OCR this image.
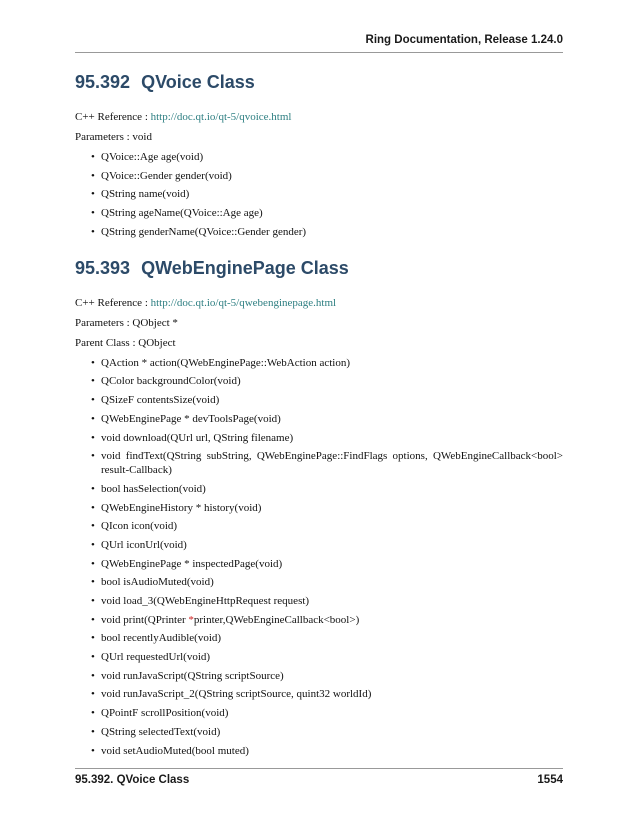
Ring Documentation, Release 1.24.0
95.392 QVoice Class

C++ Reference : http://doc.qt.io/qt-5/qvoice.html

Parameters : void

• QVoice::Age age(void)
• QVoice::Gender gender(void)
• QString name(void)
• QString ageName(QVoice::Age age)
• QString genderName(QVoice::Gender gender)
95.393 QWebEnginePage Class

C++ Reference : http://doc.qt.io/qt-5/qwebenginepage.html

Parameters : QObject *

Parent Class : QObject

• QAction * action(QWebEnginePage::WebAction action)
• QColor backgroundColor(void)
• QSizeF contentsSize(void)
• QWebEnginePage * devToolsPage(void)
• void download(QUrl url, QString filename)
• void findText(QString subString, QWebEnginePage::FindFlags options, QWebEngineCallback<bool> result-Callback)
• bool hasSelection(void)
• QWebEngineHistory * history(void)
• QIcon icon(void)
• QUrl iconUrl(void)
• QWebEnginePage * inspectedPage(void)
• bool isAudioMuted(void)
• void load_3(QWebEngineHttpRequest request)
• void print(QPrinter *printer,QWebEngineCallback<bool>)
• bool recentlyAudible(void)
• QUrl requestedUrl(void)
• void runJavaScript(QString scriptSource)
• void runJavaScript_2(QString scriptSource, quint32 worldId)
• QPointF scrollPosition(void)
• QString selectedText(void)
• void setAudioMuted(bool muted)
95.392. QVoice Class	1554
